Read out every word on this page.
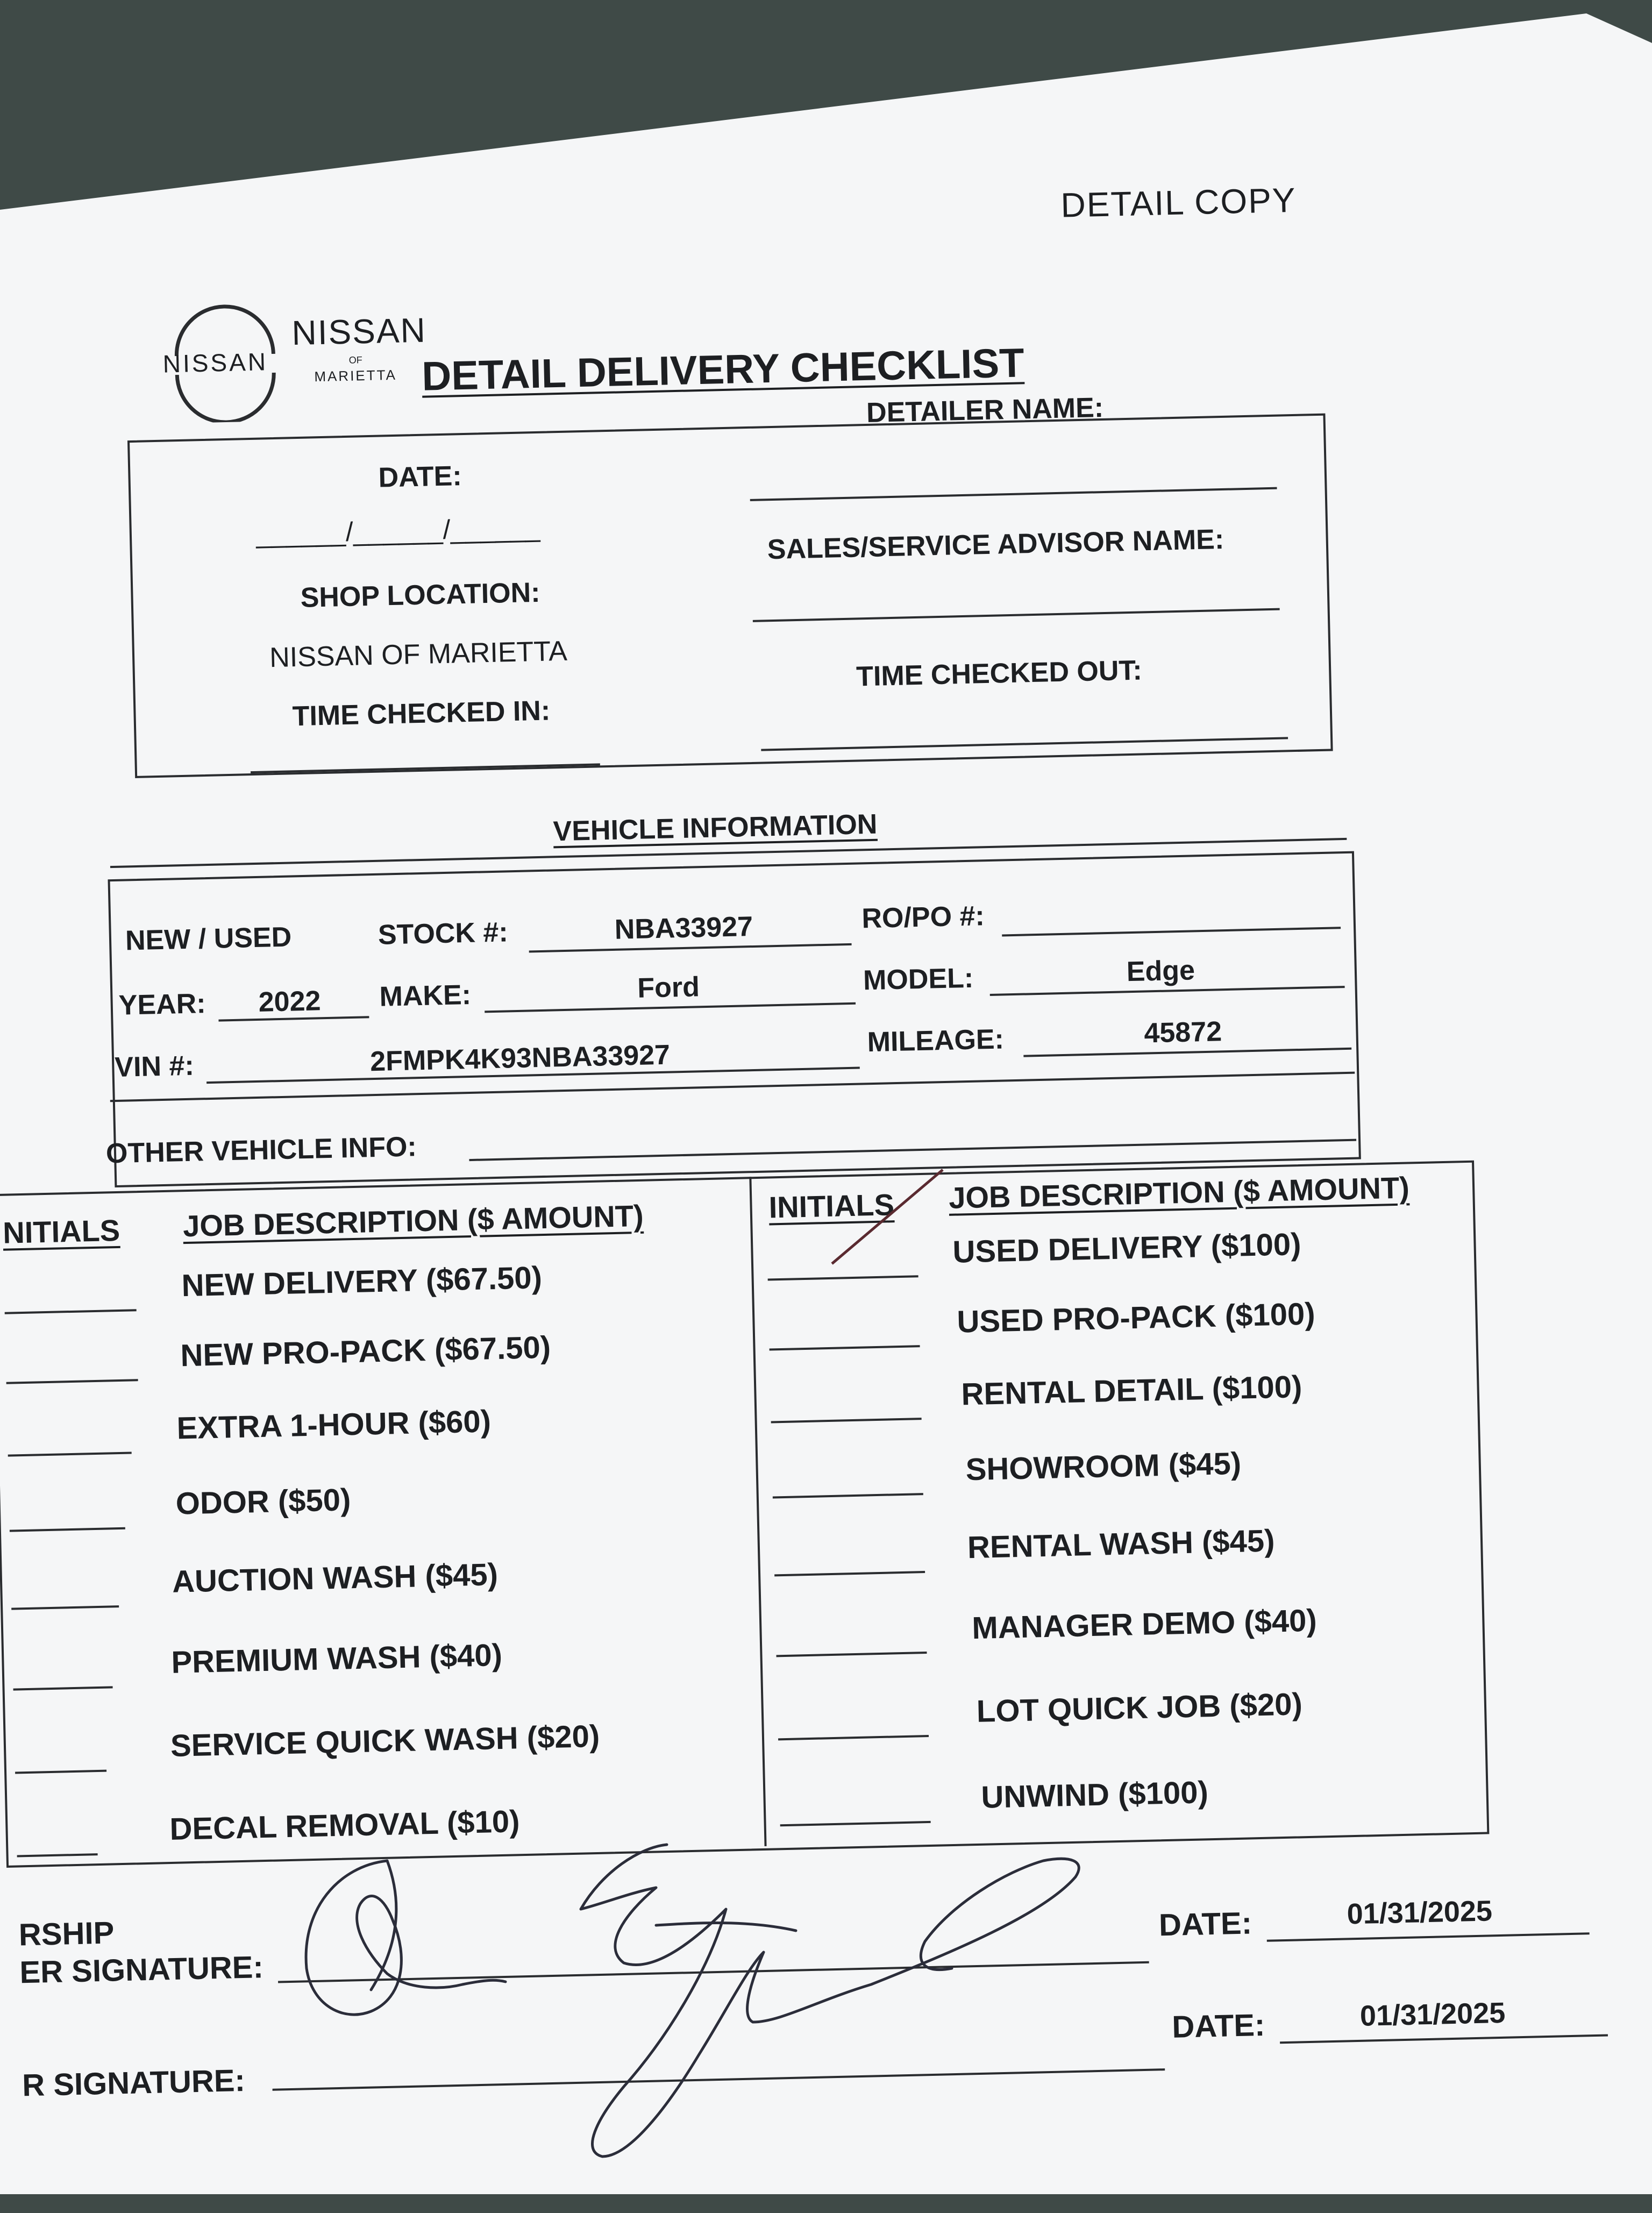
DETAIL COPY
NISSAN
NISSAN
OF
MARIETTA DETAIL DELIVERY CHECKLIST
DATE:
______/______/______
DETAILER NAME:
SHOP LOCATION:
NISSAN OF MARIETTA
SALES/SERVICE ADVISOR NAME:
TIME CHECKED IN:
TIME CHECKED OUT:
VEHICLE INFORMATION
NEW / USED	STOCK #:	NBA33927	RO/PO #:
YEAR: 2022 MAKE:	Ford	MODEL:	Edge
VIN #:	2FMPK4K93NBA33927	MILEAGE:	45872
OTHER VEHICLE INFO:
NITIALS JOB DESCRIPTION ($ AMOUNT)	INITIALS JOB DESCRIPTION ($ AMOUNT)
NEW DELIVERY ($67.50)
NEW PRO-PACK ($67.50)
EXTRA 1-HOUR ($60)
ODOR ($50)
AUCTION WASH ($45)
PREMIUM WASH ($40)
SERVICE QUICK WASH ($20)
DECAL REMOVAL ($10)
USED DELIVERY ($100)
USED PRO-PACK ($100)
RENTAL DETAIL ($100)
SHOWROOM ($45)
RENTAL WASH ($45)
MANAGER DEMO ($40)
LOT QUICK JOB ($20)
UNWIND ($100)
RSHIP
ER SIGNATURE:
DATE:	01/31/2025
R SIGNATURE:
DATE:	01/31/2025
